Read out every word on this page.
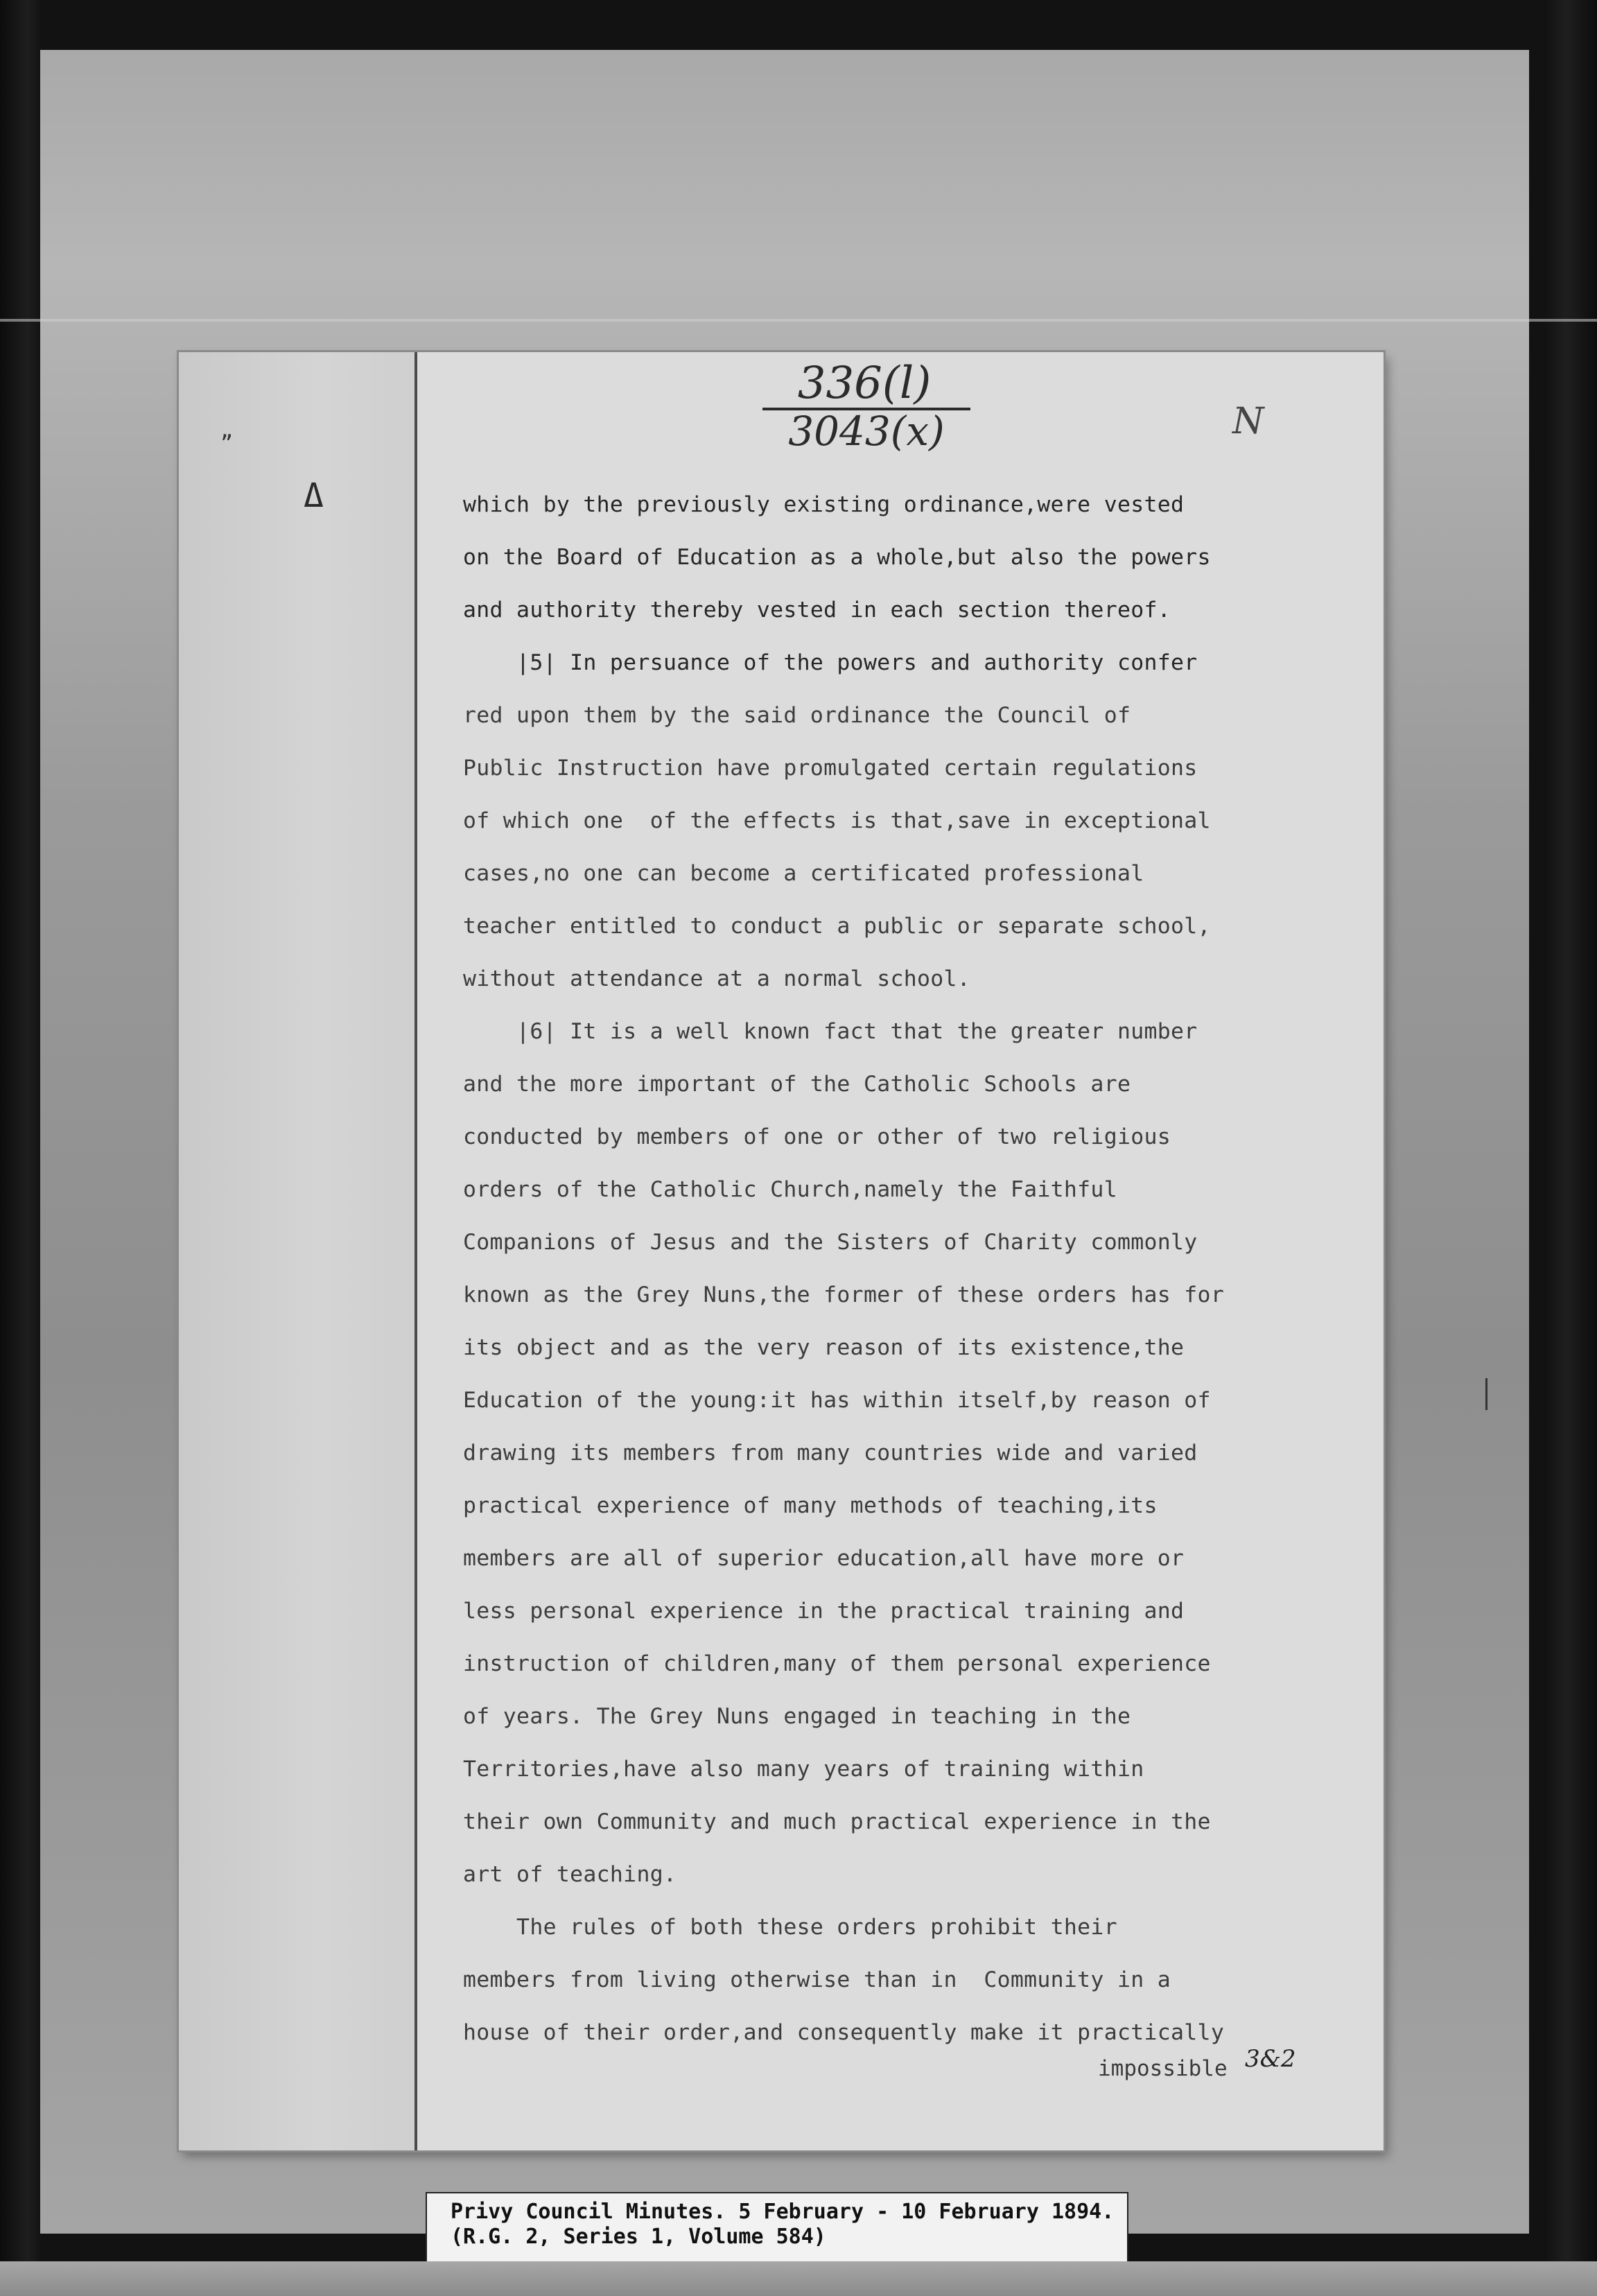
„
Δ
336(l)
3043(x)	N
which by the previously existing ordinance,were vested
on the Board of Education as a whole,but also the powers
and authority thereby vested in each section thereof.
|5| In persuance of the powers and authority confer
red upon them by the said ordinance the Council of
Public Instruction have promulgated certain regulations
of which one  of the effects is that,save in exceptional
cases,no one can become a certificated professional
teacher entitled to conduct a public or separate school,
without attendance at a normal school.
|6| It is a well known fact that the greater number
and the more important of the Catholic Schools are
conducted by members of one or other of two religious
orders of the Catholic Church,namely the Faithful
Companions of Jesus and the Sisters of Charity commonly
known as the Grey Nuns,the former of these orders has for
its object and as the very reason of its existence,the
Education of the young:it has within itself,by reason of
drawing its members from many countries wide and varied
practical experience of many methods of teaching,its
members are all of superior education,all have more or
less personal experience in the practical training and
instruction of children,many of them personal experience
of years. The Grey Nuns engaged in teaching in the
Territories,have also many years of training within
their own Community and much practical experience in the
art of teaching.
The rules of both these orders prohibit their
members from living otherwise than in  Community in a
house of their order,and consequently make it practically
impossible 3&2
Privy Council Minutes. 5 February - 10 February 1894.
(R.G. 2, Series 1, Volume 584)
